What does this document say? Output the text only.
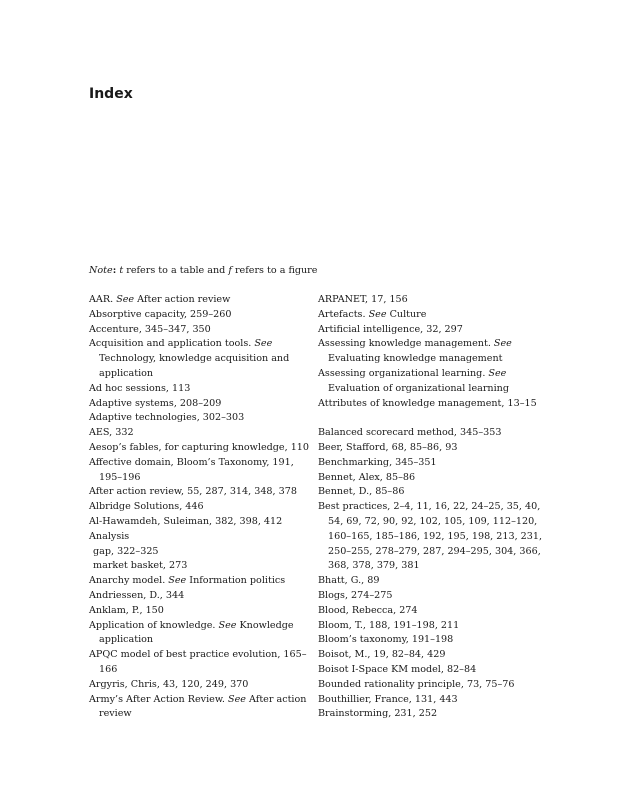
Index

Note : t refers to a table and f refers to a figure

AAR. See After action review
Absorptive capacity, 259–260
Accenture, 345–347, 350
Acquisition and application tools. See Technology, knowledge acquisition and application
Ad hoc sessions, 113
Adaptive systems, 208–209
Adaptive technologies, 302–303
AES, 332
Aesop’s fables, for capturing knowledge, 110
Affective domain, Bloom’s Taxonomy, 191, 195–196
After action review, 55, 287, 314, 348, 378
Albridge Solutions, 446
Al-Hawamdeh, Suleiman, 382, 398, 412
Analysis
gap, 322–325
market basket, 273
Anarchy model. See Information politics
Andriessen, D., 344
Anklam, P., 150
Application of knowledge. See Knowledge application
APQC model of best practice evolution, 165–166
Argyris, Chris, 43, 120, 249, 370
Army’s After Action Review. See After action review
ARPANET, 17, 156
Artefacts. See Culture
Artificial intelligence, 32, 297
Assessing knowledge management. See Evaluating knowledge management
Assessing organizational learning. See Evaluation of organizational learning
Attributes of knowledge management, 13–15
Balanced scorecard method, 345–353
Beer, Stafford, 68, 85–86, 93
Benchmarking, 345–351
Bennet, Alex, 85–86
Bennet, D., 85–86
Best practices, 2–4, 11, 16, 22, 24–25, 35, 40, 54, 69, 72, 90, 92, 102, 105, 109, 112–120, 160–165, 185–186, 192, 195, 198, 213, 231, 250–255, 278–279, 287, 294–295, 304, 366, 368, 378, 379, 381
Bhatt, G., 89
Blogs, 274–275
Blood, Rebecca, 274
Bloom, T., 188, 191–198, 211
Bloom’s taxonomy, 191–198
Boisot, M., 19, 82–84, 429
Boisot I-Space KM model, 82–84
Bounded rationality principle, 73, 75–76
Bouthillier, France, 131, 443
Brainstorming, 231, 252
